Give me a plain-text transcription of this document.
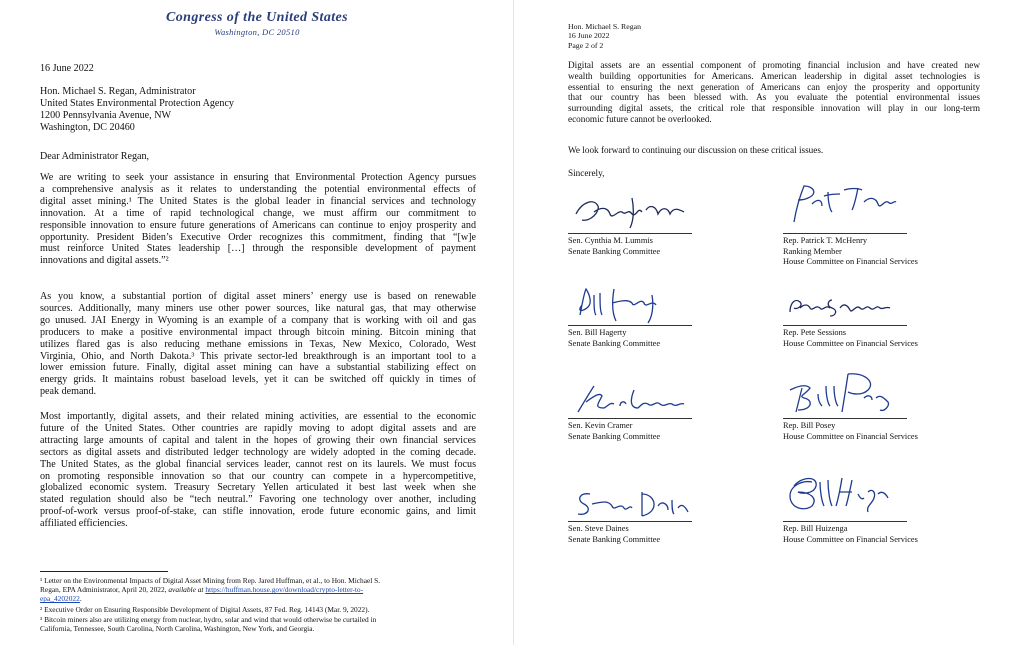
Congress of the United States
Washington, DC 20510
16 June 2022
Hon. Michael S. Regan, Administrator
United States Environmental Protection Agency
1200 Pennsylvania Avenue, NW
Washington, DC 20460
Dear Administrator Regan,
We are writing to seek your assistance in ensuring that Environmental Protection Agency pursues
a comprehensive analysis as it relates to understanding the potential environmental effects of
digital asset mining.¹ The United States is the global leader in financial services and technology
innovation. At a time of rapid technological change, we must affirm our commitment to
responsible innovation to ensure future generations of Americans can continue to enjoy prosperity and
opportunity. President Biden’s Executive Order recognizes this commitment, finding that “[w]e
must reinforce United States leadership […] through the responsible development of payment
innovations and digital assets.”²
As you know, a substantial portion of digital asset miners’ energy use is based on renewable
sources. Additionally, many miners use other power sources, like natural gas, that may otherwise
go unused. JAI Energy in Wyoming is an example of a company that is working with oil and gas
producers to make a positive environmental impact through bitcoin mining. Bitcoin mining that
utilizes flared gas is also reducing methane emissions in Texas, New Mexico, Colorado, West
Virginia, Ohio, and North Dakota.³ This private sector-led breakthrough is an important tool to a
lower emission future. Finally, digital asset mining can have a substantial stabilizing effect on
energy grids. It maintains robust baseload levels, yet it can be switched off quickly in times of
peak demand.
Most importantly, digital assets, and their related mining activities, are essential to the economic
future of the United States. Other countries are rapidly moving to adopt digital assets and are
attracting large amounts of capital and talent in the hopes of growing their own financial services
sectors as digital assets and distributed ledger technology are widely adopted in the coming decade.
The United States, as the global financial services leader, cannot rest on its laurels. We must focus
on promoting responsible innovation so that our country can compete in a hypercompetitive,
globalized economic system. Treasury Secretary Yellen articulated it best last week when she
stated regulation should also be “tech neutral.” Favoring one technology over another, including
proof-of-work versus proof-of-stake, can stifle innovation, erode future economic gains, and limit
affiliated efficiencies.
¹ Letter on the Environmental Impacts of Digital Asset Mining from Rep. Jared Huffman, et al., to Hon. Michael S.
Regan, EPA Administrator, April 20, 2022, available at https://huffman.house.gov/download/crypto-letter-to-
epa_4202022.
² Executive Order on Ensuring Responsible Development of Digital Assets, 87 Fed. Reg. 14143 (Mar. 9, 2022).
³ Bitcoin miners also are utilizing energy from nuclear, hydro, solar and wind that would otherwise be curtailed in
California, Tennessee, South Carolina, North Carolina, Washington, New York, and Georgia.
Hon. Michael S. Regan
16 June 2022
Page 2 of 2
Digital assets are an essential component of promoting financial inclusion and have created new
wealth building opportunities for Americans. American leadership in digital asset technologies is
essential to ensuring the next generation of Americans can enjoy the prosperity and opportunity
that our country has been blessed with. As you evaluate the potential environmental issues
surrounding digital assets, the critical role that responsible innovation will play in our long-term
economic future cannot be overlooked.
We look forward to continuing our discussion on these critical issues.
Sincerely,
Sen. Cynthia M. Lummis
Senate Banking Committee
Sen. Bill Hagerty
Senate Banking Committee
Sen. Kevin Cramer
Senate Banking Committee
Sen. Steve Daines
Senate Banking Committee
Rep. Patrick T. McHenry
Ranking Member
House Committee on Financial Services
Rep. Pete Sessions
House Committee on Financial Services
Rep. Bill Posey
House Committee on Financial Services
Rep. Bill Huizenga
House Committee on Financial Services
